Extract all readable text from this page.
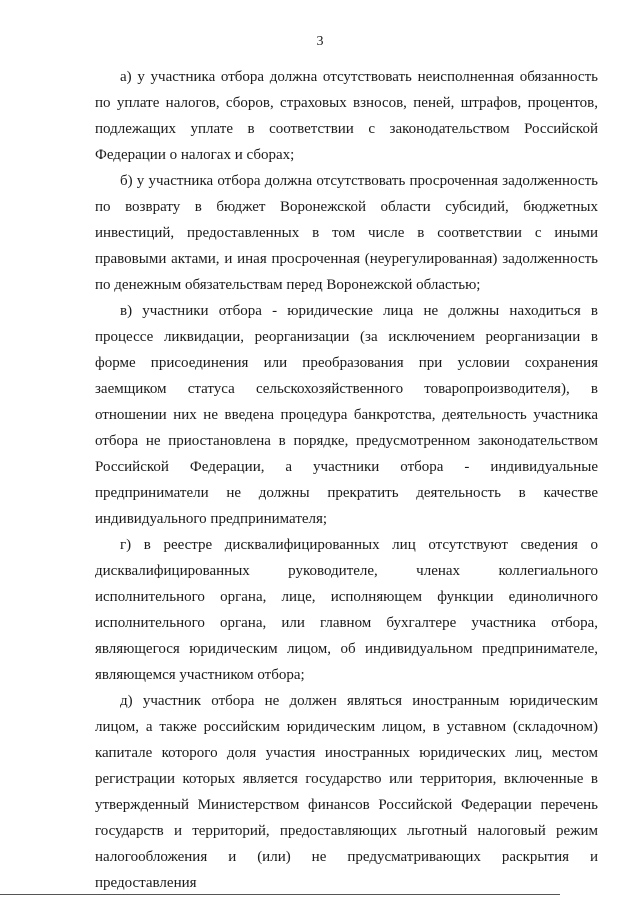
3

а) у участника отбора должна отсутствовать неисполненная обязанность по уплате налогов, сборов, страховых взносов, пеней, штрафов, процентов, подлежащих уплате в соответствии с законодательством Российской Федерации о налогах и сборах;

б) у участника отбора должна отсутствовать просроченная задолженность по возврату в бюджет Воронежской области субсидий, бюджетных инвестиций, предоставленных в том числе в соответствии с иными правовыми актами, и иная просроченная (неурегулированная) задолженность по денежным обязательствам перед Воронежской областью;

в) участники отбора - юридические лица не должны находиться в процессе ликвидации, реорганизации (за исключением реорганизации в форме присоединения или преобразования при условии сохранения заемщиком статуса сельскохозяйственного товаропроизводителя), в отношении них не введена процедура банкротства, деятельность участника отбора не приостановлена в порядке, предусмотренном законодательством Российской Федерации, а участники отбора - индивидуальные предприниматели не должны прекратить деятельность в качестве индивидуального предпринимателя;

г) в реестре дисквалифицированных лиц отсутствуют сведения о дисквалифицированных руководителе, членах коллегиального исполнительного органа, лице, исполняющем функции единоличного исполнительного органа, или главном бухгалтере участника отбора, являющегося юридическим лицом, об индивидуальном предпринимателе, являющемся участником отбора;

д) участник отбора не должен являться иностранным юридическим лицом, а также российским юридическим лицом, в уставном (складочном) капитале которого доля участия иностранных юридических лиц, местом регистрации которых является государство или территория, включенные в утвержденный Министерством финансов Российской Федерации перечень государств и территорий, предоставляющих льготный налоговый режим налогообложения и (или) не предусматривающих раскрытия и предоставления
